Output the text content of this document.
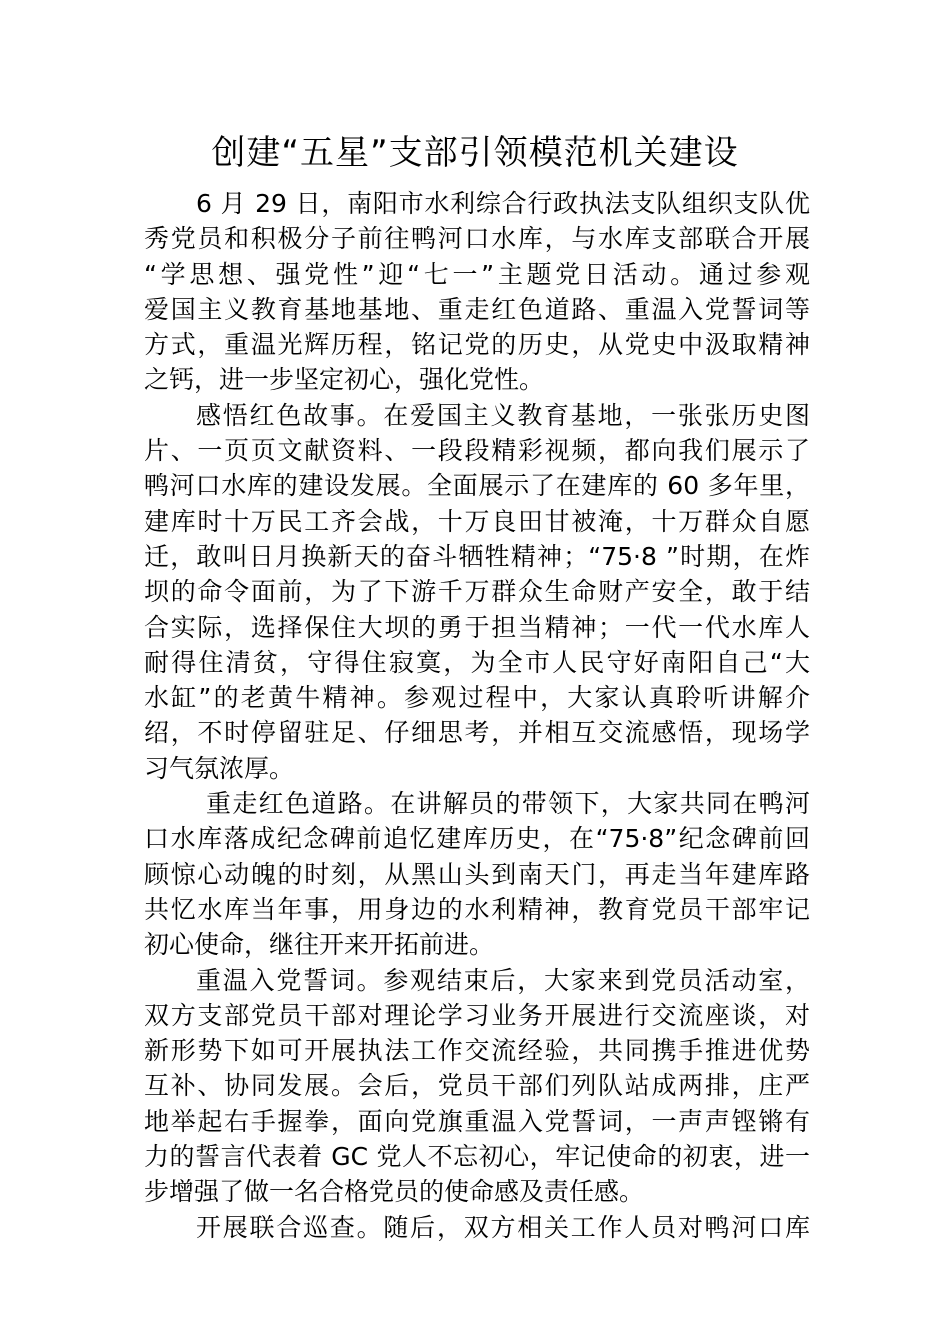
创建“五星”支部引领模范机关建设

6 月 29 日，南阳市水利综合行政执法支队组织支队优
秀党员和积极分子前往鸭河口水库，与水库支部联合开展
“学思想、强党性”迎“七一”主题党日活动。通过参观
爱国主义教育基地基地、重走红色道路、重温入党誓词等
方式，重温光辉历程，铭记党的历史，从党史中汲取精神
之钙，进一步坚定初心，强化党性。

感悟红色故事。在爱国主义教育基地，一张张历史图
片、一页页文献资料、一段段精彩视频，都向我们展示了
鸭河口水库的建设发展。全面展示了在建库的 60 多年里，
建库时十万民工齐会战，十万良田甘被淹，十万群众自愿
迁，敢叫日月换新天的奋斗牺牲精神；“75·8 ”时期，在炸
坝的命令面前，为了下游千万群众生命财产安全，敢于结
合实际，选择保住大坝的勇于担当精神；一代一代水库人
耐得住清贫，守得住寂寞，为全市人民守好南阳自己“大
水缸”的老黄牛精神。参观过程中，大家认真聆听讲解介
绍，不时停留驻足、仔细思考，并相互交流感悟，现场学
习气氛浓厚。

重走红色道路。在讲解员的带领下，大家共同在鸭河
口水库落成纪念碑前追忆建库历史，在“75·8”纪念碑前回
顾惊心动魄的时刻，从黑山头到南天门，再走当年建库路
共忆水库当年事，用身边的水利精神，教育党员干部牢记
初心使命，继往开来开拓前进。

重温入党誓词。参观结束后，大家来到党员活动室，
双方支部党员干部对理论学习业务开展进行交流座谈，对
新形势下如可开展执法工作交流经验，共同携手推进优势
互补、协同发展。会后，党员干部们列队站成两排，庄严
地举起右手握拳，面向党旗重温入党誓词，一声声铿锵有
力的誓言代表着 GC 党人不忘初心，牢记使命的初衷，进一
步增强了做一名合格党员的使命感及责任感。

开展联合巡查。随后，双方相关工作人员对鸭河口库
